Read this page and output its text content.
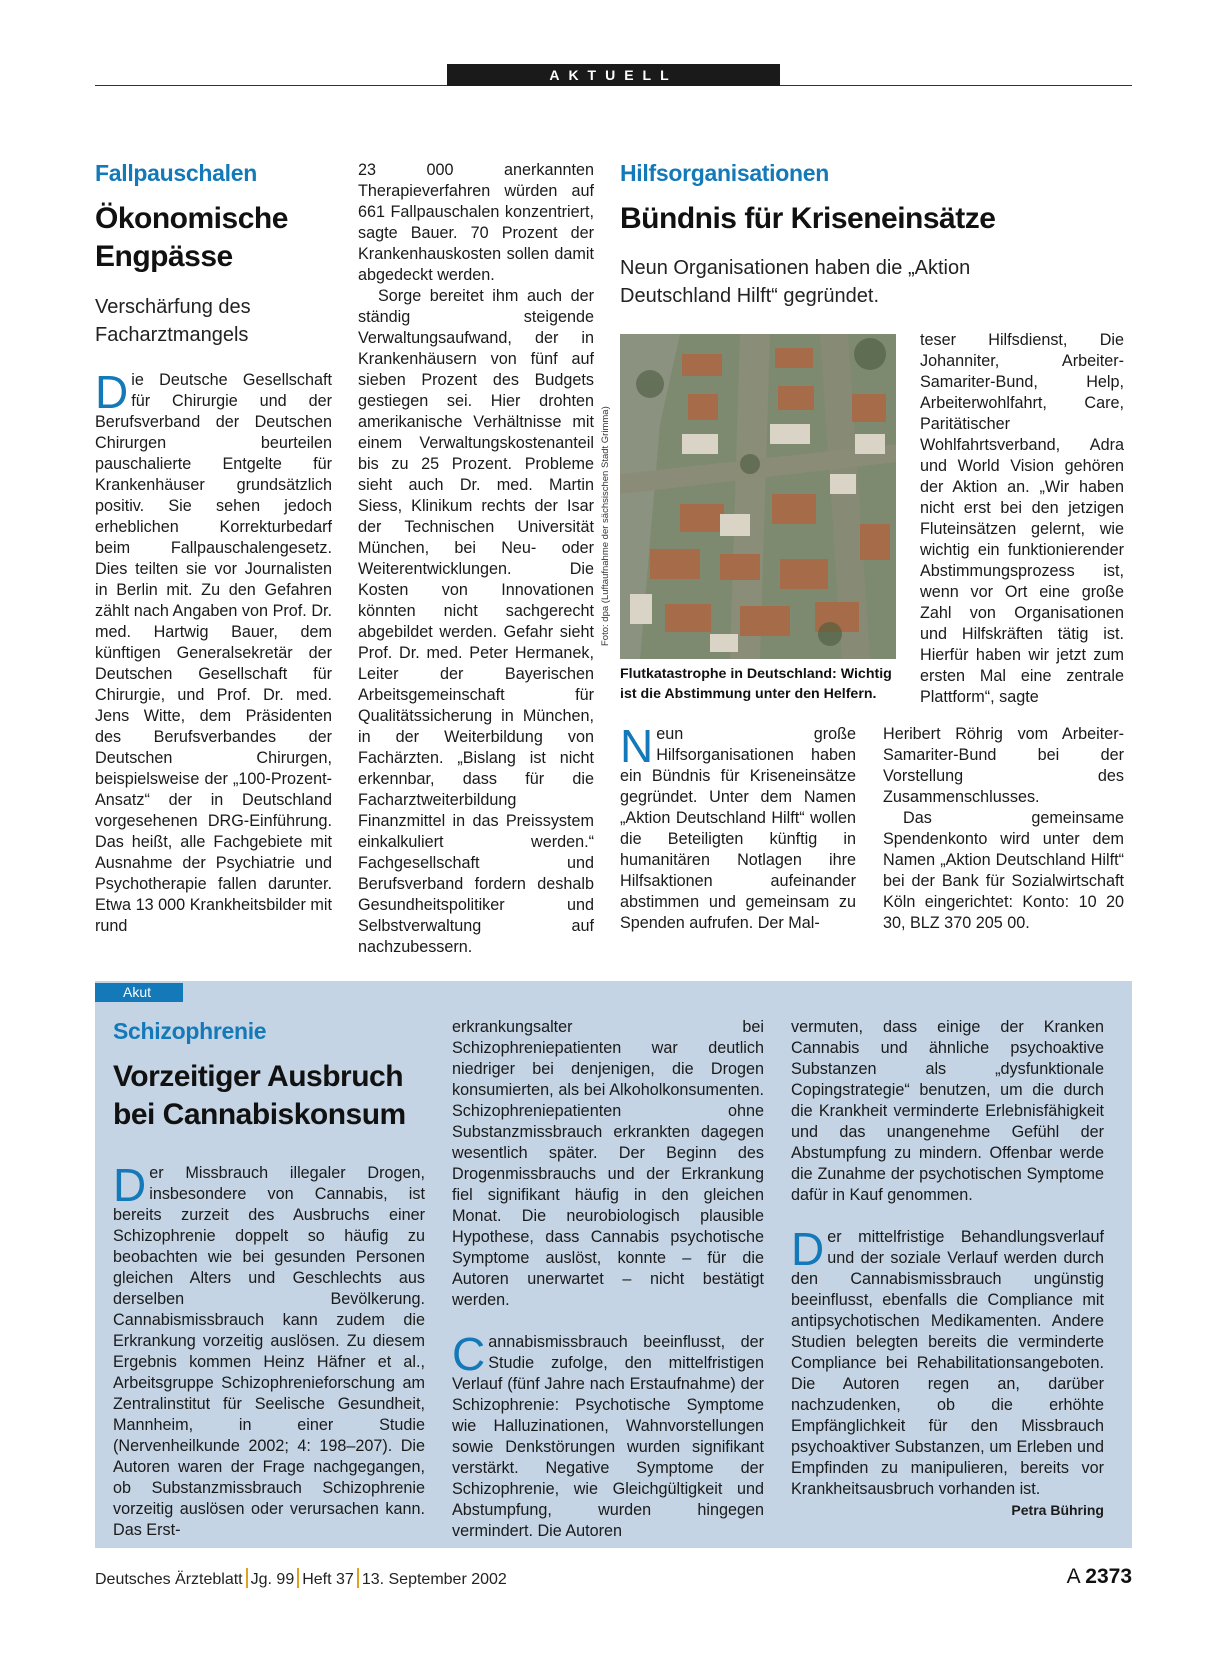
AKTUELL
Fallpauschalen
Ökonomische Engpässe
Verschärfung des Facharztmangels

Die Deutsche Gesellschaft für Chirurgie und der Berufsverband der Deutschen Chirurgen beurteilen pauschalierte Entgelte für Krankenhäuser grundsätzlich positiv. Sie sehen jedoch erheblichen Korrekturbedarf beim Fallpauschalengesetz. Dies teilten sie vor Journalisten in Berlin mit. Zu den Gefahren zählt nach Angaben von Prof. Dr. med. Hartwig Bauer, dem künftigen Generalsekretär der Deutschen Gesellschaft für Chirurgie, und Prof. Dr. med. Jens Witte, dem Präsidenten des Berufsverbandes der Deutschen Chirurgen, beispielsweise der „100-Prozent-Ansatz“ der in Deutschland vorgesehenen DRG-Einführung. Das heißt, alle Fachgebiete mit Ausnahme der Psychiatrie und Psychotherapie fallen darunter. Etwa 13 000 Krankheitsbilder mit rund

23 000 anerkannten Therapieverfahren würden auf 661 Fallpauschalen konzentriert, sagte Bauer. 70 Prozent der Krankenhauskosten sollen damit abgedeckt werden.

Sorge bereitet ihm auch der ständig steigende Verwaltungsaufwand, der in Krankenhäusern von fünf auf sieben Prozent des Budgets gestiegen sei. Hier drohten amerikanische Verhältnisse mit einem Verwaltungskostenanteil bis zu 25 Prozent. Probleme sieht auch Dr. med. Martin Siess, Klinikum rechts der Isar der Technischen Universität München, bei Neu- oder Weiterentwicklungen. Die Kosten von Innovationen könnten nicht sachgerecht abgebildet werden. Gefahr sieht Prof. Dr. med. Peter Hermanek, Leiter der Bayerischen Arbeitsgemeinschaft für Qualitätssicherung in München, in der Weiterbildung von Fachärzten. „Bislang ist nicht erkennbar, dass für die Facharztweiterbildung Finanzmittel in das Preissystem einkalkuliert werden.“ Fachgesellschaft und Berufsverband fordern deshalb Gesundheitspolitiker und Selbstverwaltung auf nachzubessern.

Hilfsorganisationen
Bündnis für Kriseneinsätze
Neun Organisationen haben die „Aktion Deutschland Hilft“ gegründet.
Foto: dpa (Luftaufnahme der sächsischen Stadt Grimma)
Flutkatastrophe in Deutschland: Wichtig ist die Abstimmung unter den Helfern.

Neun große Hilfsorganisationen haben ein Bündnis für Kriseneinsätze gegründet. Unter dem Namen „Aktion Deutschland Hilft“ wollen die Beteiligten künftig in humanitären Notlagen ihre Hilfsaktionen aufeinander abstimmen und gemeinsam zu Spenden aufrufen. Der Mal-

teser Hilfsdienst, Die Johanniter, Arbeiter-Samariter-Bund, Help, Arbeiterwohlfahrt, Care, Paritätischer Wohlfahrtsverband, Adra und World Vision gehören der Aktion an. „Wir haben nicht erst bei den jetzigen Fluteinsätzen gelernt, wie wichtig ein funktionierender Abstimmungsprozess ist, wenn vor Ort eine große Zahl von Organisationen und Hilfskräften tätig ist. Hierfür haben wir jetzt zum ersten Mal eine zentrale Plattform“, sagte

Heribert Röhrig vom Arbeiter-Samariter-Bund bei der Vorstellung des Zusammenschlusses.

Das gemeinsame Spendenkonto wird unter dem Namen „Aktion Deutschland Hilft“ bei der Bank für Sozialwirtschaft Köln eingerichtet: Konto: 10 20 30, BLZ 370 205 00.

Akut
Schizophrenie
Vorzeitiger Ausbruch bei Cannabiskonsum

Der Missbrauch illegaler Drogen, insbesondere von Cannabis, ist bereits zurzeit des Ausbruchs einer Schizophrenie doppelt so häufig zu beobachten wie bei gesunden Personen gleichen Alters und Geschlechts aus derselben Bevölkerung. Cannabismissbrauch kann zudem die Erkrankung vorzeitig auslösen. Zu diesem Ergebnis kommen Heinz Häfner et al., Arbeitsgruppe Schizophrenieforschung am Zentralinstitut für Seelische Gesundheit, Mannheim, in einer Studie (Nervenheilkunde 2002; 4: 198–207). Die Autoren waren der Frage nachgegangen, ob Substanzmissbrauch Schizophrenie vorzeitig auslösen oder verursachen kann. Das Erst-

erkrankungsalter bei Schizophreniepatienten war deutlich niedriger bei denjenigen, die Drogen konsumierten, als bei Alkoholkonsumenten. Schizophreniepatienten ohne Substanzmissbrauch erkrankten dagegen wesentlich später. Der Beginn des Drogenmissbrauchs und der Erkrankung fiel signifikant häufig in den gleichen Monat. Die neurobiologisch plausible Hypothese, dass Cannabis psychotische Symptome auslöst, konnte – für die Autoren unerwartet – nicht bestätigt werden.

Cannabismissbrauch beeinflusst, der Studie zufolge, den mittelfristigen Verlauf (fünf Jahre nach Erstaufnahme) der Schizophrenie: Psychotische Symptome wie Halluzinationen, Wahnvorstellungen sowie Denkstörungen wurden signifikant verstärkt. Negative Symptome der Schizophrenie, wie Gleichgültigkeit und Abstumpfung, wurden hingegen vermindert. Die Autoren

vermuten, dass einige der Kranken Cannabis und ähnliche psychoaktive Substanzen als „dysfunktionale Copingstrategie“ benutzen, um die durch die Krankheit verminderte Erlebnisfähigkeit und das unangenehme Gefühl der Abstumpfung zu mindern. Offenbar werde die Zunahme der psychotischen Symptome dafür in Kauf genommen.

Der mittelfristige Behandlungsverlauf und der soziale Verlauf werden durch den Cannabismissbrauch ungünstig beeinflusst, ebenfalls die Compliance mit antipsychotischen Medikamenten. Andere Studien belegten bereits die verminderte Compliance bei Rehabilitationsangeboten. Die Autoren regen an, darüber nachzudenken, ob die erhöhte Empfänglichkeit für den Missbrauch psychoaktiver Substanzen, um Erleben und Empfinden zu manipulieren, bereits vor Krankheitsausbruch vorhanden ist.
Petra Bühring

Deutsches Ärzteblatt Jg. 99 Heft 37 13. September 2002	A 2373
